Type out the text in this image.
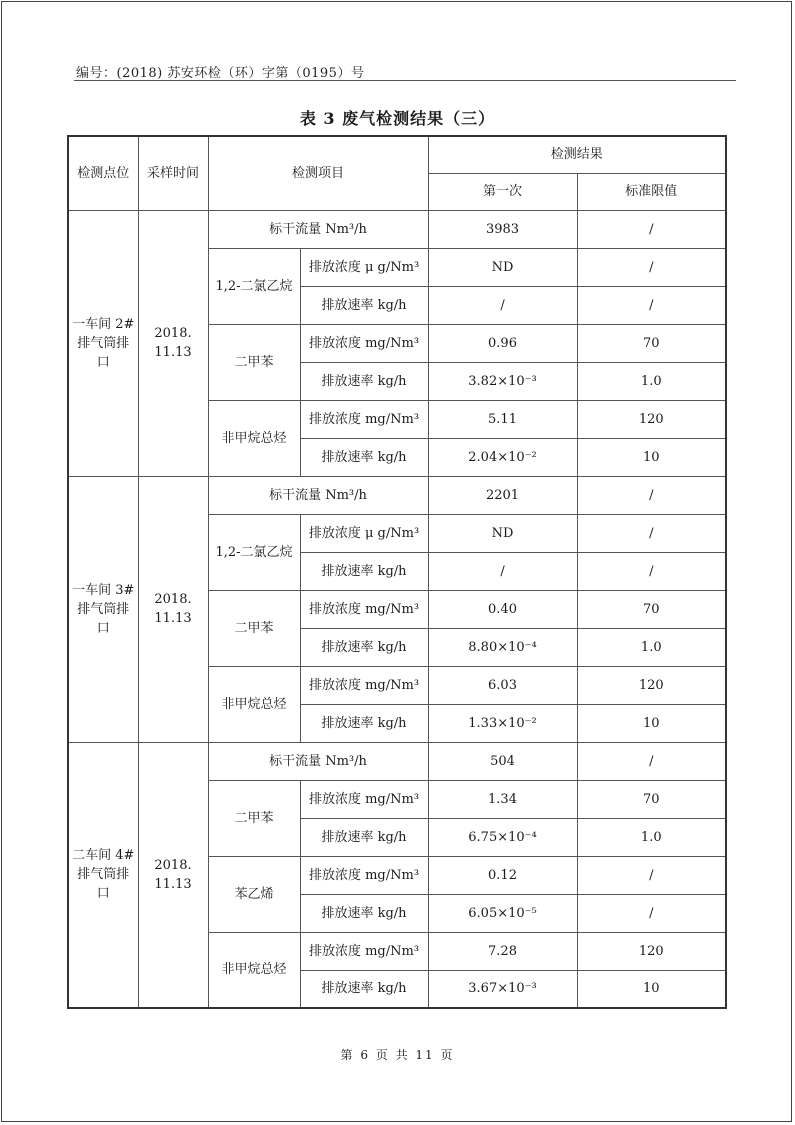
编号：(2018) 苏安环检（环）字第（0195）号
表 3 废气检测结果（三）
检测点位	采样时间	检测项目		检测结果	
				第一次	标准限值
一车间 2#排气筒排口	2018. 11.13	标干流量 Nm³/h		3983	/
		1,2-二氯乙烷	排放浓度 μ g/Nm³	ND	/
			排放速率 kg/h	/	/
		二甲苯	排放浓度 mg/Nm³	0.96	70
			排放速率 kg/h	3.82×10⁻³	1.0
		非甲烷总烃	排放浓度 mg/Nm³	5.11	120
			排放速率 kg/h	2.04×10⁻²	10
一车间 3#排气筒排口	2018. 11.13	标干流量 Nm³/h		2201	/
		1,2-二氯乙烷	排放浓度 μ g/Nm³	ND	/
			排放速率 kg/h	/	/
		二甲苯	排放浓度 mg/Nm³	0.40	70
			排放速率 kg/h	8.80×10⁻⁴	1.0
		非甲烷总烃	排放浓度 mg/Nm³	6.03	120
			排放速率 kg/h	1.33×10⁻²	10
二车间 4#排气筒排口	2018. 11.13	标干流量 Nm³/h		504	/
		二甲苯	排放浓度 mg/Nm³	1.34	70
			排放速率 kg/h	6.75×10⁻⁴	1.0
		苯乙烯	排放浓度 mg/Nm³	0.12	/
			排放速率 kg/h	6.05×10⁻⁵	/
		非甲烷总烃	排放浓度 mg/Nm³	7.28	120
			排放速率 kg/h	3.67×10⁻³	10
第 6 页 共 11 页
